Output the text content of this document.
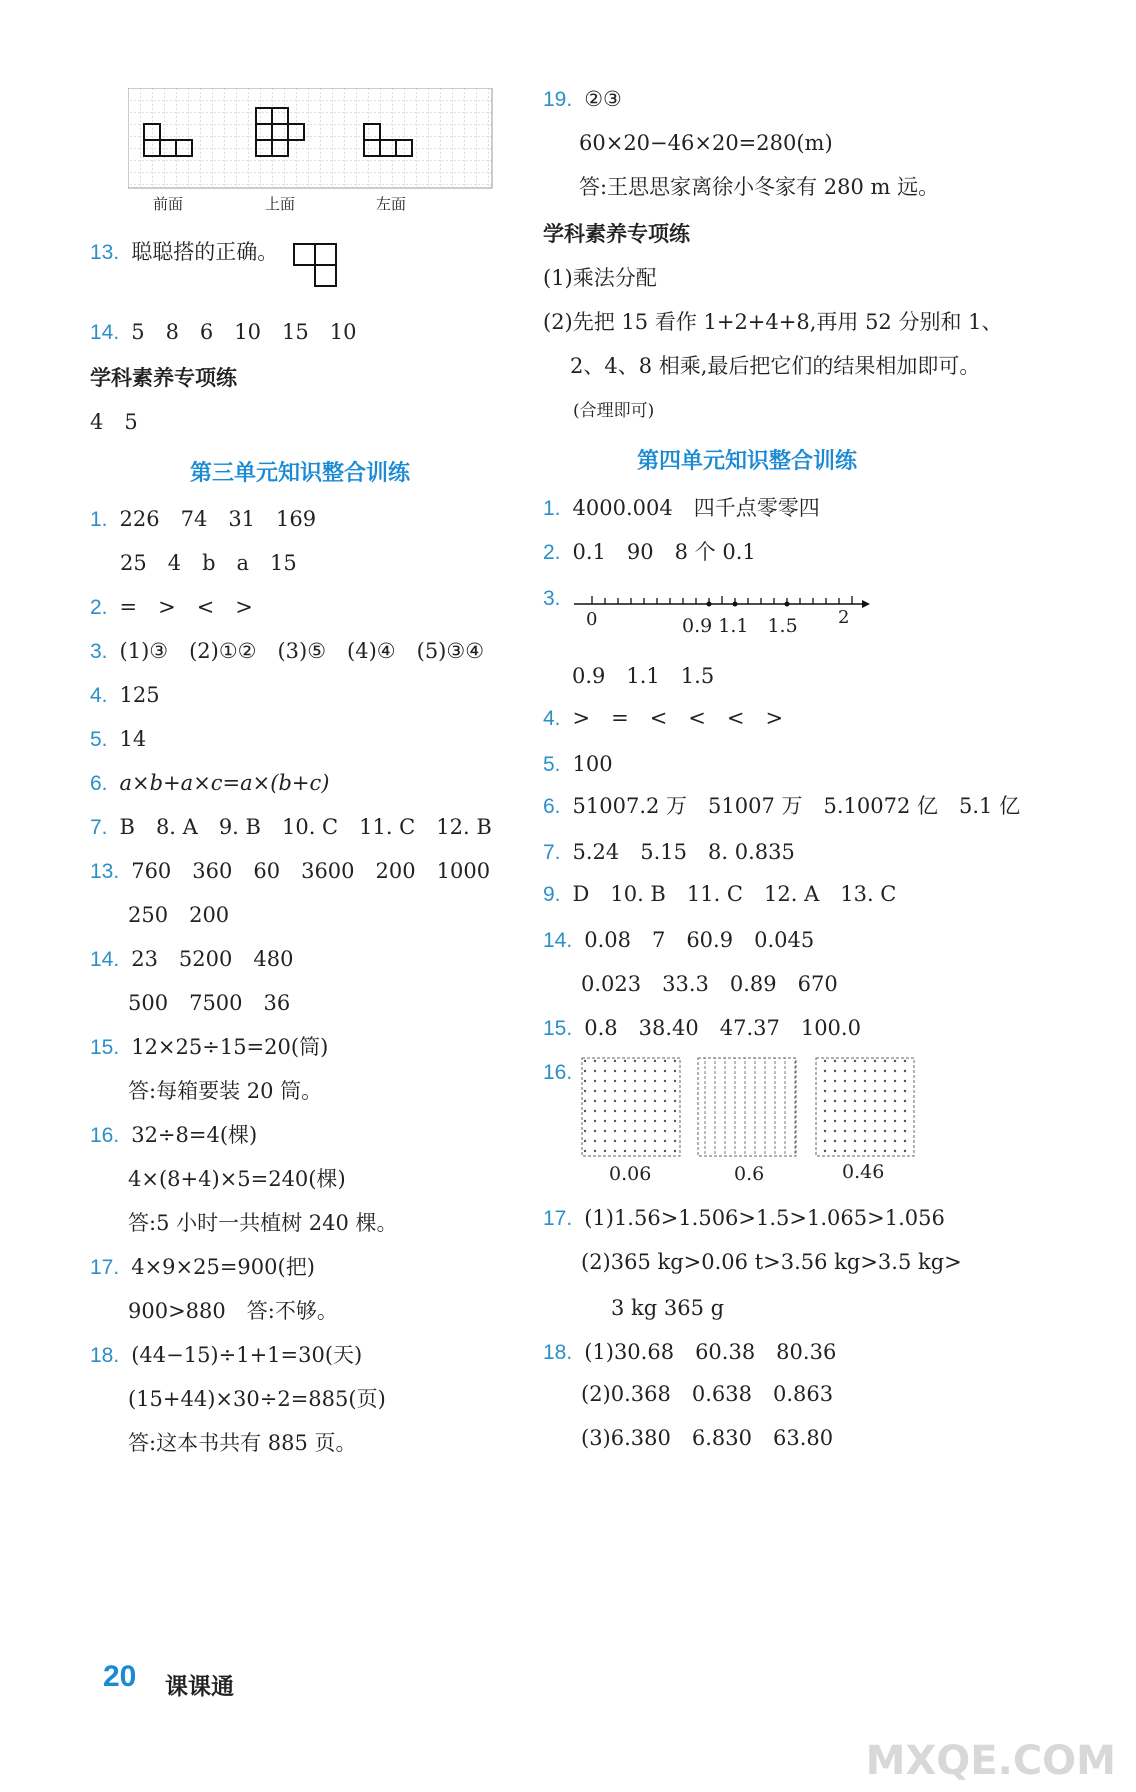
前面	上面	左面
13. 聪聪搭的正确。
14. 5　8　6　10　15　10
学科素养专项练
4　5
第三单元知识整合训练
1. 226　74　31　169
25　4　b　a　15
2. =　>　<　>
3. (1)③　(2)①②　(3)⑤　(4)④　(5)③④
4. 125
5. 14
6. a×b+a×c=a×(b+c)
7. B　8. A　9. B　10. C　11. C　12. B
13. 760　360　60　3600　200　1000
250　200
14. 23　5200　480
500　7500　36
15. 12×25÷15=20(筒)
答:每箱要装 20 筒。
16. 32÷8=4(棵)
4×(8+4)×5=240(棵)
答:5 小时一共植树 240 棵。
17. 4×9×25=900(把)
900>880　答:不够。
18. (44−15)÷1+1=30(天)
(15+44)×30÷2=885(页)
答:这本书共有 885 页。
19. ②③
60×20−46×20=280(m)
答:王思思家离徐小冬家有 280 m 远。
学科素养专项练
(1)乘法分配
(2)先把 15 看作 1+2+4+8,再用 52 分别和 1、
2、4、8 相乘,最后把它们的结果相加即可。
(合理即可)
第四单元知识整合训练
1. 4000.004　四千点零零四
2. 0.1　90　8 个 0.1
3.
0	2
0.9 1.1　1.5
0.9　1.1　1.5
4. >　=　<　<　<　>
5. 100
6. 51007.2 万　51007 万　5.10072 亿　5.1 亿
7. 5.24　5.15　8. 0.835
9. D　10. B　11. C　12. A　13. C
14. 0.08　7　60.9　0.045
0.023　33.3　0.89　670
15. 0.8　38.40　47.37　100.0
16.
0.06	0.6	0.46
17. (1)1.56>1.506>1.5>1.065>1.056
(2)365 kg>0.06 t>3.56 kg>3.5 kg>
3 kg 365 g
18. (1)30.68　60.38　80.36
(2)0.368　0.638　0.863
(3)6.380　6.830　63.80
20 课课通
MXQE.COM
